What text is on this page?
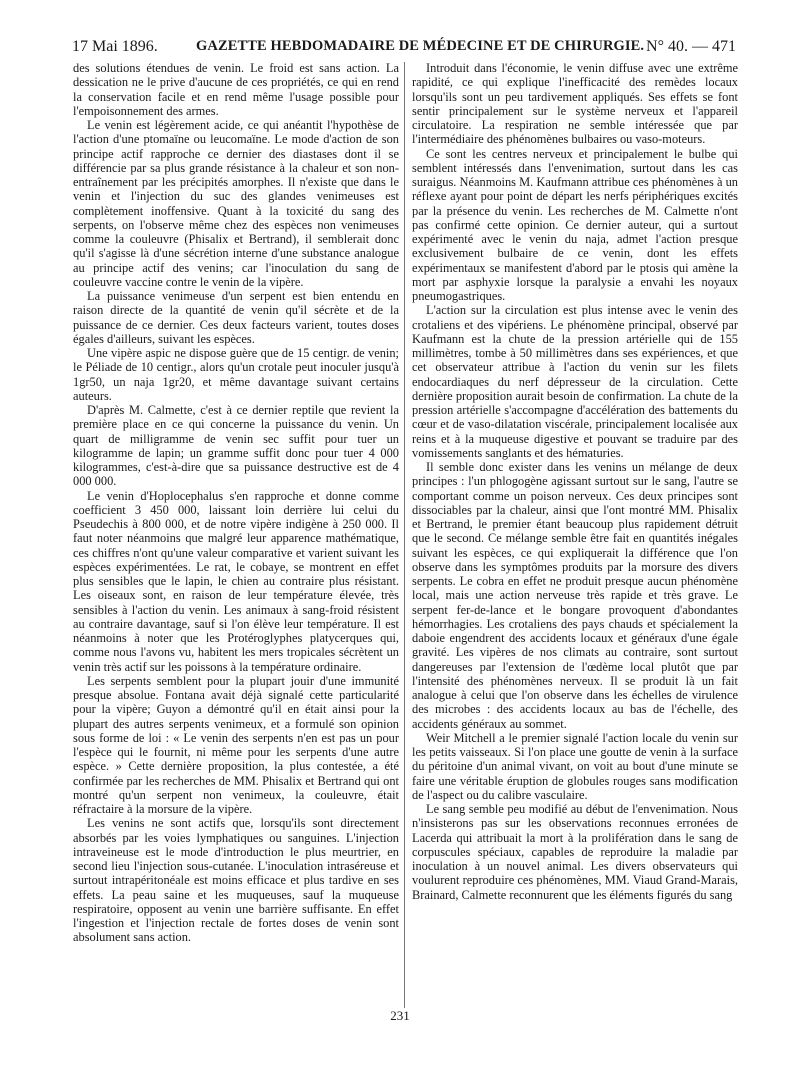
17 Mai 1896.	GAZETTE HEBDOMADAIRE DE MÉDECINE ET DE CHIRURGIE. N° 40. — 471

des solutions étendues de venin. Le froid est sans action. La dessication ne le prive d'aucune de ces propriétés, ce qui en rend la conservation facile et en rend même l'usage possible pour l'empoisonnement des armes.

Le venin est légèrement acide, ce qui anéantit l'hypothèse de l'action d'une ptomaïne ou leucomaïne. Le mode d'action de son principe actif rapproche ce dernier des diastases dont il se différencie par sa plus grande résistance à la chaleur et son non-entraînement par les précipités amorphes. Il n'existe que dans le venin et l'injection du suc des glandes venimeuses est complètement inoffensive. Quant à la toxicité du sang des serpents, on l'observe même chez des espèces non venimeuses comme la couleuvre (Phisalix et Bertrand), il semblerait donc qu'il s'agisse là d'une sécrétion interne d'une substance analogue au principe actif des venins; car l'inoculation du sang de couleuvre vaccine contre le venin de la vipère.

La puissance venimeuse d'un serpent est bien entendu en raison directe de la quantité de venin qu'il sécrète et de la puissance de ce dernier. Ces deux facteurs varient, toutes doses égales d'ailleurs, suivant les espèces.

Une vipère aspic ne dispose guère que de 15 centigr. de venin; le Péliade de 10 centigr., alors qu'un crotale peut inoculer jusqu'à 1gr50, un naja 1gr20, et même davantage suivant certains auteurs.

D'après M. Calmette, c'est à ce dernier reptile que revient la première place en ce qui concerne la puissance du venin. Un quart de milligramme de venin sec suffit pour tuer un kilogramme de lapin; un gramme suffit donc pour tuer 4 000 kilogrammes, c'est-à-dire que sa puissance destructive est de 4 000 000.

Le venin d'Hoplocephalus s'en rapproche et donne comme coefficient 3 450 000, laissant loin derrière lui celui du Pseudechis à 800 000, et de notre vipère indigène à 250 000. Il faut noter néanmoins que malgré leur apparence mathématique, ces chiffres n'ont qu'une valeur comparative et varient suivant les espèces expérimentées. Le rat, le cobaye, se montrent en effet plus sensibles que le lapin, le chien au contraire plus résistant. Les oiseaux sont, en raison de leur température élevée, très sensibles à l'action du venin. Les animaux à sang-froid résistent au contraire davantage, sauf si l'on élève leur température. Il est néanmoins à noter que les Protéroglyphes platycerques qui, comme nous l'avons vu, habitent les mers tropicales sécrètent un venin très actif sur les poissons à la température ordinaire.

Les serpents semblent pour la plupart jouir d'une immunité presque absolue. Fontana avait déjà signalé cette particularité pour la vipère; Guyon a démontré qu'il en était ainsi pour la plupart des autres serpents venimeux, et a formulé son opinion sous forme de loi : « Le venin des serpents n'en est pas un pour l'espèce qui le fournit, ni même pour les serpents d'une autre espèce. » Cette dernière proposition, la plus contestée, a été confirmée par les recherches de MM. Phisalix et Bertrand qui ont montré qu'un serpent non venimeux, la couleuvre, était réfractaire à la morsure de la vipère.

Les venins ne sont actifs que, lorsqu'ils sont directement absorbés par les voies lymphatiques ou sanguines. L'injection intraveineuse est le mode d'introduction le plus meurtrier, en second lieu l'injection sous-cutanée. L'inoculation intraséreuse et surtout intrapéritonéale est moins efficace et plus tardive en ses effets. La peau saine et les muqueuses, sauf la muqueuse respiratoire, opposent au venin une barrière suffisante. En effet l'ingestion et l'injection rectale de fortes doses de venin sont absolument sans action.

Introduit dans l'économie, le venin diffuse avec une extrême rapidité, ce qui explique l'inefficacité des remèdes locaux lorsqu'ils sont un peu tardivement appliqués. Ses effets se font sentir principalement sur le système nerveux et l'appareil circulatoire. La respiration ne semble intéressée que par l'intermédiaire des phénomènes bulbaires ou vaso-moteurs.

Ce sont les centres nerveux et principalement le bulbe qui semblent intéressés dans l'envenimation, surtout dans les cas suraigus. Néanmoins M. Kaufmann attribue ces phénomènes à un réflexe ayant pour point de départ les nerfs périphériques excités par la présence du venin. Les recherches de M. Calmette n'ont pas confirmé cette opinion. Ce dernier auteur, qui a surtout expérimenté avec le venin du naja, admet l'action presque exclusivement bulbaire de ce venin, dont les effets expérimentaux se manifestent d'abord par le ptosis qui amène la mort par asphyxie lorsque la paralysie a envahi les noyaux pneumogastriques.

L'action sur la circulation est plus intense avec le venin des crotaliens et des vipériens. Le phénomène principal, observé par Kaufmann est la chute de la pression artérielle qui de 155 millimètres, tombe à 50 millimètres dans ses expériences, et que cet observateur attribue à l'action du venin sur les filets endocardiaques du nerf dépresseur de la circulation. Cette dernière proposition aurait besoin de confirmation. La chute de la pression artérielle s'accompagne d'accélération des battements du cœur et de vaso-dilatation viscérale, principalement localisée aux reins et à la muqueuse digestive et pouvant se traduire par des vomissements sanglants et des hématuries.

Il semble donc exister dans les venins un mélange de deux principes : l'un phlogogène agissant surtout sur le sang, l'autre se comportant comme un poison nerveux. Ces deux principes sont dissociables par la chaleur, ainsi que l'ont montré MM. Phisalix et Bertrand, le premier étant beaucoup plus rapidement détruit que le second. Ce mélange semble être fait en quantités inégales suivant les espèces, ce qui expliquerait la différence que l'on observe dans les symptômes produits par la morsure des divers serpents. Le cobra en effet ne produit presque aucun phénomène local, mais une action nerveuse très rapide et très grave. Le serpent fer-de-lance et le bongare provoquent d'abondantes hémorrhagies. Les crotaliens des pays chauds et spécialement la daboie engendrent des accidents locaux et généraux d'une égale gravité. Les vipères de nos climats au contraire, sont surtout dangereuses par l'extension de l'œdème local plutôt que par l'intensité des phénomènes nerveux. Il se produit là un fait analogue à celui que l'on observe dans les échelles de virulence des microbes : des accidents locaux au bas de l'échelle, des accidents généraux au sommet.

Weir Mitchell a le premier signalé l'action locale du venin sur les petits vaisseaux. Si l'on place une goutte de venin à la surface du péritoine d'un animal vivant, on voit au bout d'une minute se faire une véritable éruption de globules rouges sans modification de l'aspect ou du calibre vasculaire.

Le sang semble peu modifié au début de l'envenimation. Nous n'insisterons pas sur les observations reconnues erronées de Lacerda qui attribuait la mort à la prolifération dans le sang de corpuscules spéciaux, capables de reproduire la maladie par inoculation à un nouvel animal. Les divers observateurs qui voulurent reproduire ces phénomènes, MM. Viaud Grand-Marais, Brainard, Calmette reconnurent que les éléments figurés du sang

231
